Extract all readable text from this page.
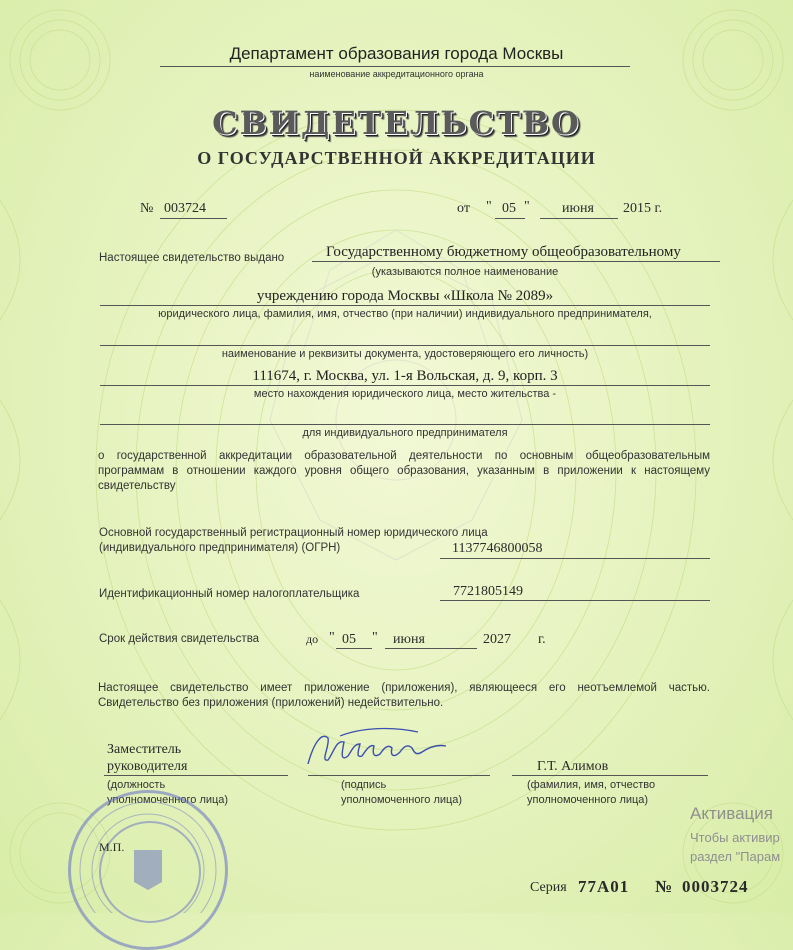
Департамент образования города Москвы
наименование аккредитационного органа
СВИДЕТЕЛЬСТВО
О ГОСУДАРСТВЕННОЙ АККРЕДИТАЦИИ
№ 003724	от " 05 " июня 2015 г.
Настоящее свидетельство выдано	Государственному бюджетному общеобразовательному
(указываются полное наименование
учреждению города Москвы «Школа № 2089»
юридического лица, фамилия, имя, отчество (при наличии) индивидуального предпринимателя,
наименование и реквизиты документа, удостоверяющего его личность)
111674, г. Москва, ул. 1-я Вольская, д. 9, корп. 3
место нахождения юридического лица, место жительства -
для индивидуального предпринимателя
о государственной аккредитации образовательной деятельности по основным общеобразовательным программам в отношении каждого уровня общего образования, указанным в приложении к настоящему свидетельству
Основной государственный регистрационный номер юридического лица
(индивидуального предпринимателя) (ОГРН)	1137746800058
Идентификационный номер налогоплательщика	7721805149
Срок действия свидетельства	до " 05 " июня	2027 г.
Настоящее свидетельство имеет приложение (приложения), являющееся его неотъемлемой частью. Свидетельство без приложения (приложений) недействительно.
Заместитель
руководителя
(должность
уполномоченного лица)
(подпись
уполномоченного лица)
Г.Т. Алимов
(фамилия, имя, отчество
уполномоченного лица)
М.П.
Серия 77А01 № 0003724
Активация
Чтобы активир
раздел "Парам
